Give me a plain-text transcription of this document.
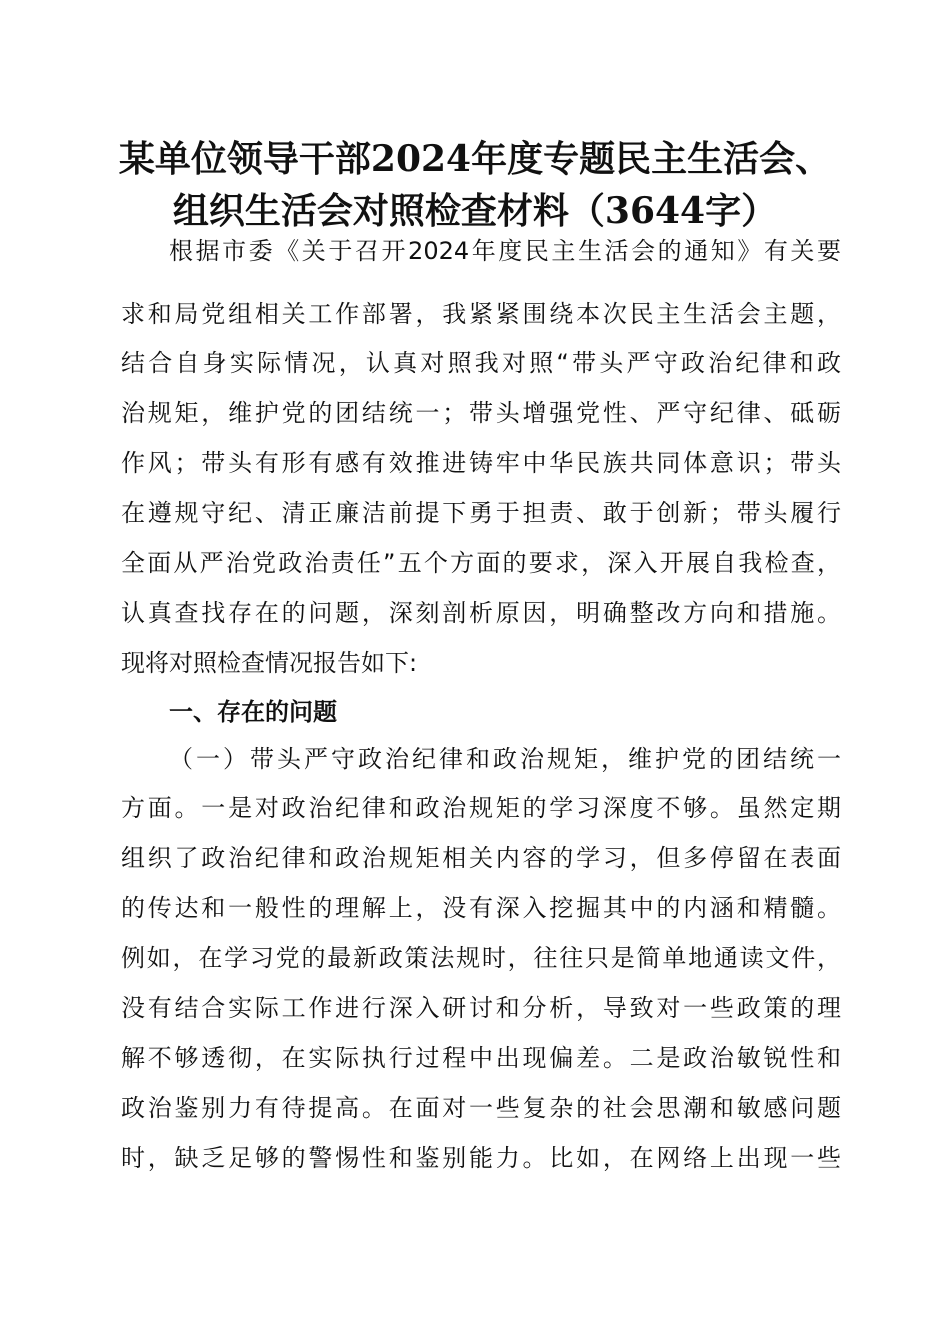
某单位领导干部2024年度专题民主生活会、
组织生活会对照检查材料（3644字）
根据市委《关于召开2024年度民主生活会的通知》有关要
求和局党组相关工作部署，我紧紧围绕本次民主生活会主题，
结合自身实际情况，认真对照我对照“带头严守政治纪律和政
治规矩，维护党的团结统一；带头增强党性、严守纪律、砥砺
作风；带头有形有感有效推进铸牢中华民族共同体意识；带头
在遵规守纪、清正廉洁前提下勇于担责、敢于创新；带头履行
全面从严治党政治责任”五个方面的要求，深入开展自我检查，
认真查找存在的问题，深刻剖析原因，明确整改方向和措施。
现将对照检查情况报告如下:
一、存在的问题
（一）带头严守政治纪律和政治规矩，维护党的团结统一
方面。一是对政治纪律和政治规矩的学习深度不够。虽然定期
组织了政治纪律和政治规矩相关内容的学习，但多停留在表面
的传达和一般性的理解上，没有深入挖掘其中的内涵和精髓。
例如，在学习党的最新政策法规时，往往只是简单地通读文件，
没有结合实际工作进行深入研讨和分析，导致对一些政策的理
解不够透彻，在实际执行过程中出现偏差。二是政治敏锐性和
政治鉴别力有待提高。在面对一些复杂的社会思潮和敏感问题
时，缺乏足够的警惕性和鉴别能力。比如，在网络上出现一些
